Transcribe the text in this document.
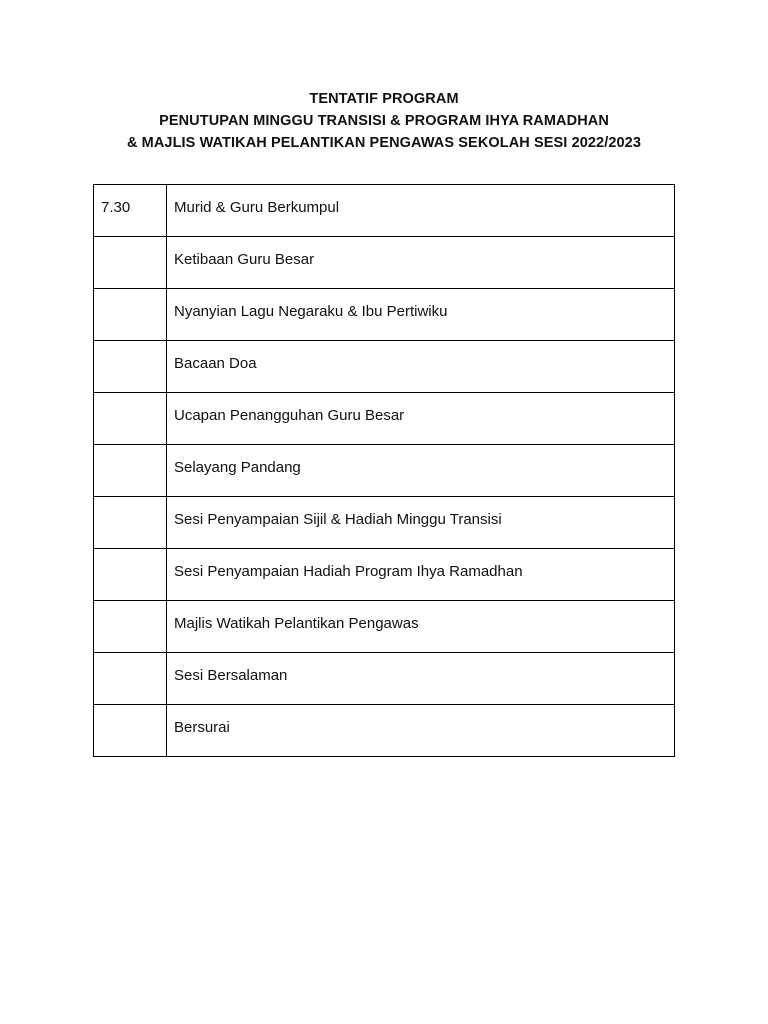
TENTATIF PROGRAM
PENUTUPAN MINGGU TRANSISI & PROGRAM IHYA RAMADHAN
& MAJLIS WATIKAH PELANTIKAN PENGAWAS SEKOLAH SESI 2022/2023
7.30	Murid & Guru Berkumpul

	Ketibaan Guru Besar

	Nyanyian Lagu Negaraku & Ibu Pertiwiku

	Bacaan Doa

	Ucapan Penangguhan Guru Besar

	Selayang Pandang

	Sesi Penyampaian Sijil & Hadiah Minggu Transisi

	Sesi Penyampaian Hadiah Program Ihya Ramadhan

	Majlis Watikah Pelantikan Pengawas

	Sesi Bersalaman

	Bersurai
